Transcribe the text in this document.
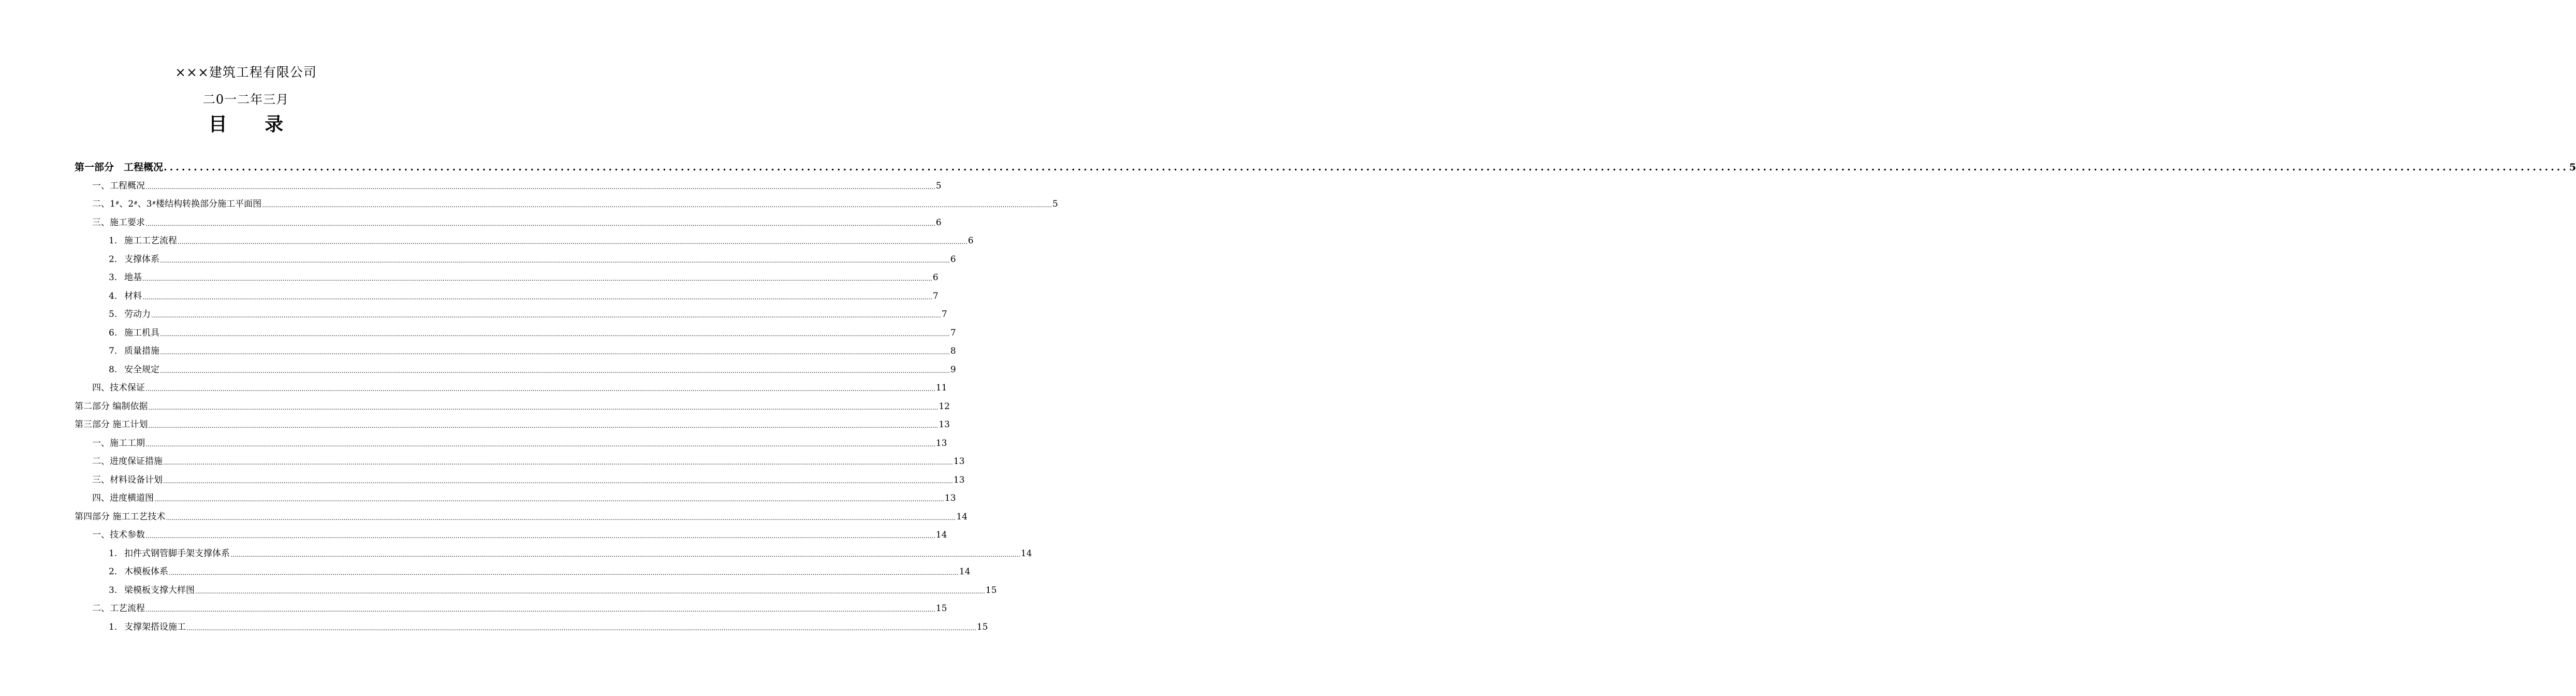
×××建筑工程有限公司
二0一二年三月
目 录
第一部分　工程概况 ................................................................................................................................................................................................................................................................................................................................................................................................................ 5
一、工程概况 ................................................................................................................................................................................................................................................................................................................................................................................................................ 5
二、1#、2#、3#楼结构转换部分施工平面图 ................................................................................................................................................................................................................................................................................................................................................................................................................ 5
三、施工要求 ................................................................................................................................................................................................................................................................................................................................................................................................................ 6
1. 施工工艺流程 ................................................................................................................................................................................................................................................................................................................................................................................................................ 6
2. 支撑体系 ................................................................................................................................................................................................................................................................................................................................................................................................................ 6
3. 地基 ................................................................................................................................................................................................................................................................................................................................................................................................................ 6
4. 材料 ................................................................................................................................................................................................................................................................................................................................................................................................................ 7
5. 劳动力 ................................................................................................................................................................................................................................................................................................................................................................................................................ 7
6. 施工机具 ................................................................................................................................................................................................................................................................................................................................................................................................................ 7
7. 质量措施 ................................................................................................................................................................................................................................................................................................................................................................................................................ 8
8. 安全规定 ................................................................................................................................................................................................................................................................................................................................................................................................................ 9
四、技术保证 ................................................................................................................................................................................................................................................................................................................................................................................................................ 11
第二部分 编制依据 ................................................................................................................................................................................................................................................................................................................................................................................................................ 12
第三部分 施工计划 ................................................................................................................................................................................................................................................................................................................................................................................................................ 13
一、施工工期 ................................................................................................................................................................................................................................................................................................................................................................................................................ 13
二、进度保证措施 ................................................................................................................................................................................................................................................................................................................................................................................................................ 13
三、材料设备计划 ................................................................................................................................................................................................................................................................................................................................................................................................................ 13
四、进度横道图 ................................................................................................................................................................................................................................................................................................................................................................................................................ 13
第四部分 施工工艺技术 ................................................................................................................................................................................................................................................................................................................................................................................................................ 14
一、技术参数 ................................................................................................................................................................................................................................................................................................................................................................................................................ 14
1. 扣件式钢管脚手架支撑体系 ................................................................................................................................................................................................................................................................................................................................................................................................................ 14
2. 木模板体系 ................................................................................................................................................................................................................................................................................................................................................................................................................ 14
3. 梁模板支撑大样图 ................................................................................................................................................................................................................................................................................................................................................................................................................ 15
二、工艺流程 ................................................................................................................................................................................................................................................................................................................................................................................................................ 15
1. 支撑架搭设施工 ................................................................................................................................................................................................................................................................................................................................................................................................................ 15
